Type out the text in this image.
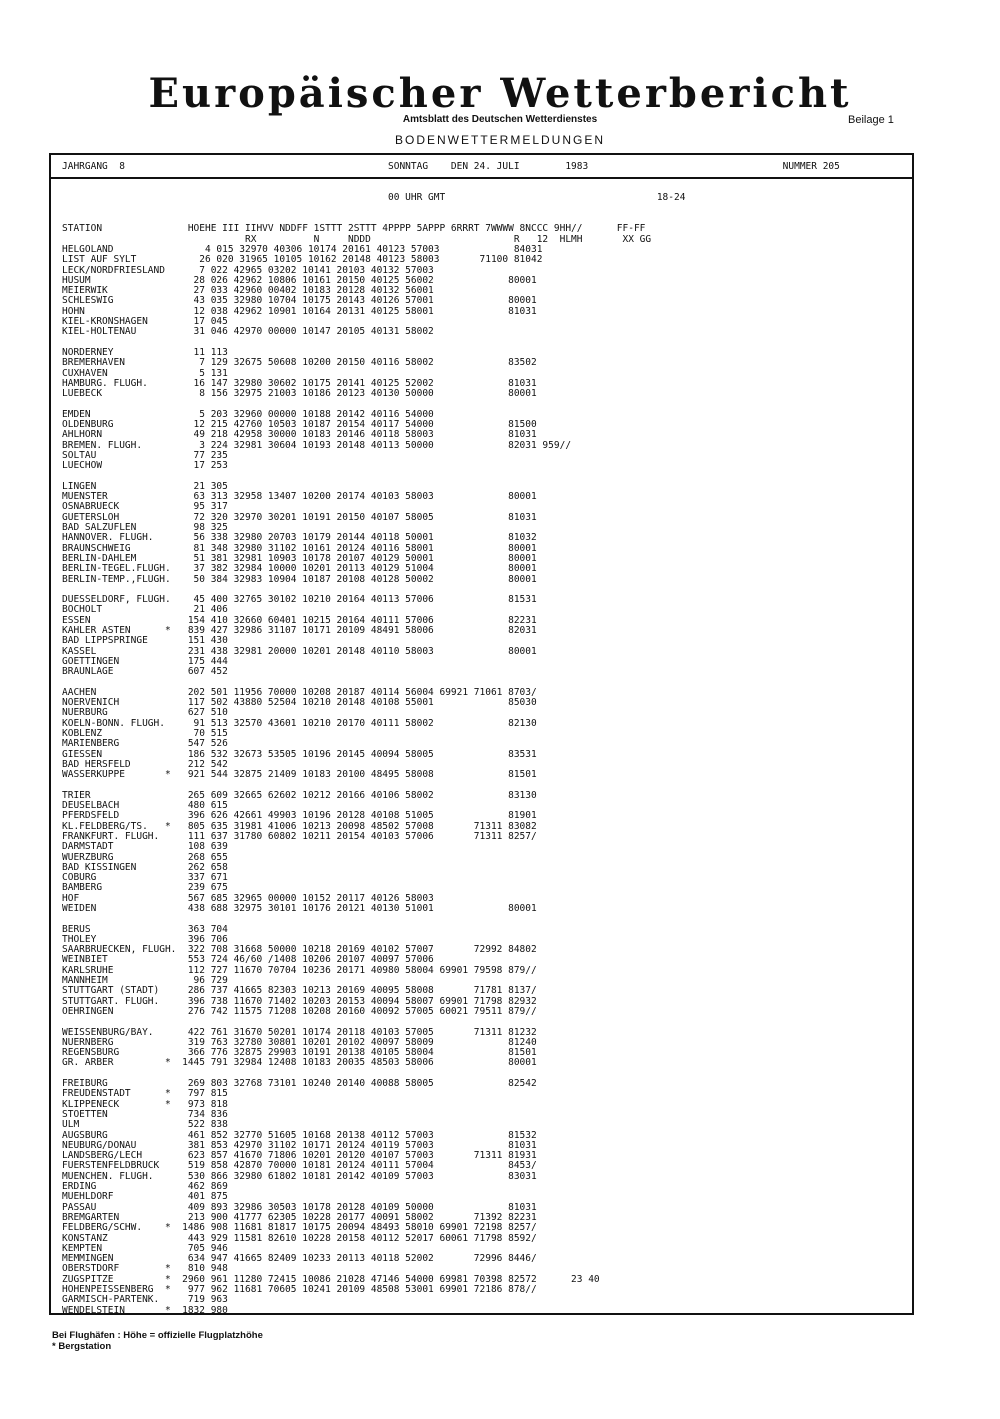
Europäischer Wetterbericht
Amtsblatt des Deutschen Wetterdienstes
BODENWETTERMELDUNGEN
Beilage 1
JAHRGANG  8                                              SONNTAG    DEN 24. JULI        1983                                  NUMMER 205
00 UHR GMT                                     18-24

STATION               HOEHE III IIHVV NDDFF 1STTT 2STTT 4PPPP 5APPP 6RRRT 7WWWW 8NCCC 9HH//      FF-FF
RX          N     NDDD                         R   12  HLMH       XX GG

HELGOLAND                4 015 32970 40306 10174 20161 40123 57003             84031
LIST AUF SYLT           26 020 31965 10105 10162 20148 40123 58003       71100 81042
LECK/NORDFRIESLAND      7 022 42965 03202 10141 20103 40132 57003
HUSUM                  28 026 42962 10806 10161 20150 40125 56002             80001
MEIERWIK               27 033 42960 00402 10183 20128 40132 56001
SCHLESWIG              43 035 32980 10704 10175 20143 40126 57001             80001
HOHN                   12 038 42962 10901 10164 20131 40125 58001             81031
KIEL-KRONSHAGEN        17 045
KIEL-HOLTENAU          31 046 42970 00000 10147 20105 40131 58002
NORDERNEY              11 113
BREMERHAVEN             7 129 32675 50608 10200 20150 40116 58002             83502
CUXHAVEN                5 131
HAMBURG. FLUGH.        16 147 32980 30602 10175 20141 40125 52002             81031
LUEBECK                 8 156 32975 21003 10186 20123 40130 50000             80001
EMDEN                   5 203 32960 00000 10188 20142 40116 54000
OLDENBURG              12 215 42760 10503 10187 20154 40117 54000             81500
AHLHORN                49 218 42958 30000 10183 20146 40118 58003             81031
BREMEN. FLUGH.          3 224 32981 30604 10193 20148 40113 50000             82031 959//
SOLTAU                 77 235
LUECHOW                17 253
LINGEN                 21 305
MUENSTER               63 313 32958 13407 10200 20174 40103 58003             80001
OSNABRUECK             95 317
GUETERSLOH             72 320 32970 30201 10191 20150 40107 58005             81031
BAD SALZUFLEN          98 325
HANNOVER. FLUGH.       56 338 32980 20703 10179 20144 40118 50001             81032
BRAUNSCHWEIG           81 348 32980 31102 10161 20124 40116 58001             80001
BERLIN-DAHLEM          51 381 32981 10903 10178 20107 40129 50001             80001
BERLIN-TEGEL.FLUGH.    37 382 32984 10000 10201 20113 40129 51004             80001
BERLIN-TEMP.,FLUGH.    50 384 32983 10904 10187 20108 40128 50002             80001
DUESSELDORF, FLUGH.    45 400 32765 30102 10210 20164 40113 57006             81531
BOCHOLT                21 406
ESSEN                 154 410 32660 60401 10215 20164 40111 57006             82231
KAHLER ASTEN      *   839 427 32986 31107 10171 20109 48491 58006             82031
BAD LIPPSPRINGE       151 430
KASSEL                231 438 32981 20000 10201 20148 40110 58003             80001
GOETTINGEN            175 444
BRAUNLAGE             607 452
AACHEN                202 501 11956 70000 10208 20187 40114 56004 69921 71061 8703/
NOERVENICH            117 502 43880 52504 10210 20148 40108 55001             85030
NUERBURG              627 510
KOELN-BONN. FLUGH.     91 513 32570 43601 10210 20170 40111 58002             82130
KOBLENZ                70 515
MARIENBERG            547 526
GIESSEN               186 532 32673 53505 10196 20145 40094 58005             83531
BAD HERSFELD          212 542
WASSERKUPPE       *   921 544 32875 21409 10183 20100 48495 58008             81501
TRIER                 265 609 32665 62602 10212 20166 40106 58002             83130
DEUSELBACH            480 615
PFERDSFELD            396 626 42661 49903 10196 20128 40108 51005             81901
KL.FELDBERG/TS.   *   805 635 31981 41006 10213 20098 48502 57008       71311 83082
FRANKFURT. FLUGH.     111 637 31780 60802 10211 20154 40103 57006       71311 8257/
DARMSTADT             108 639
WUERZBURG             268 655
BAD KISSINGEN         262 658
COBURG                337 671
BAMBERG               239 675
HOF                   567 685 32965 00000 10152 20117 40126 58003
WEIDEN                438 688 32975 30101 10176 20121 40130 51001             80001
BERUS                 363 704
THOLEY                396 706
SAARBRUECKEN, FLUGH.  322 708 31668 50000 10218 20169 40102 57007       72992 84802
WEINBIET              553 724 46/60 /1408 10206 20107 40097 57006
KARLSRUHE             112 727 11670 70704 10236 20171 40980 58004 69901 79598 879//
MANNHEIM               96 729
STUTTGART (STADT)     286 737 41665 82303 10213 20169 40095 58008       71781 8137/
STUTTGART. FLUGH.     396 738 11670 71402 10203 20153 40094 58007 69901 71798 82932
OEHRINGEN             276 742 11575 71208 10208 20160 40092 57005 60021 79511 879//
WEISSENBURG/BAY.      422 761 31670 50201 10174 20118 40103 57005       71311 81232
NUERNBERG             319 763 32780 30801 10201 20102 40097 58009             81240
REGENSBURG            366 776 32875 29903 10191 20138 40105 58004             81501
GR. ARBER         *  1445 791 32984 12408 10183 20035 48503 58006             80001
FREIBURG              269 803 32768 73101 10240 20140 40088 58005             82542
FREUDENSTADT      *   797 815
KLIPPENECK        *   973 818
STOETTEN              734 836
ULM                   522 838
AUGSBURG              461 852 32770 51605 10168 20138 40112 57003             81532
NEUBURG/DONAU         381 853 42970 31102 10171 20124 40119 57003             81031
LANDSBERG/LECH        623 857 41670 71806 10201 20120 40107 57003       71311 81931
FUERSTENFELDBRUCK     519 858 42870 70000 10181 20124 40111 57004             8453/
MUENCHEN. FLUGH.      530 866 32980 61802 10181 20142 40109 57003             83031
ERDING                462 869
MUEHLDORF             401 875
PASSAU                409 893 32986 30503 10178 20128 40109 50000             81031
BREMGARTEN            213 900 41777 62305 10228 20177 40091 58002       71392 82231
FELDBERG/SCHW.    *  1486 908 11681 81817 10175 20094 48493 58010 69901 72198 8257/
KONSTANZ              443 929 11581 82610 10228 20158 40112 52017 60061 71798 8592/
KEMPTEN               705 946
MEMMINGEN             634 947 41665 82409 10233 20113 40118 52002       72996 8446/
OBERSTDORF        *   810 948
ZUGSPITZE         *  2960 961 11280 72415 10086 21028 47146 54000 69981 70398 82572      23 40
HOHENPEISSENBERG  *   977 962 11681 70605 10241 20109 48508 53001 69901 72186 878//
GARMISCH-PARTENK.     719 963
WENDELSTEIN       *  1832 980
Bei Flughäfen : Höhe = offizielle Flugplatzhöhe
* Bergstation
